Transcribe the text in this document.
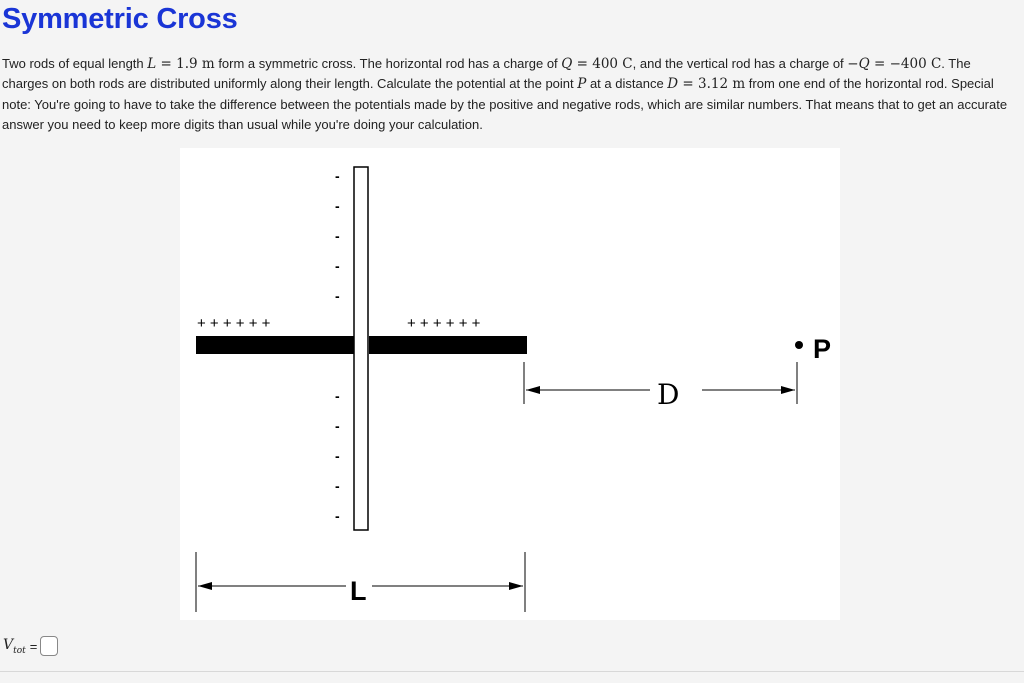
Symmetric Cross
Two rods of equal length L = 1.9 m form a symmetric cross. The horizontal rod has a charge of Q = 400 C, and the vertical rod has a charge of −Q = −400 C. The charges on both rods are distributed uniformly along their length. Calculate the potential at the point P at a distance D = 3.12 m from one end of the horizontal rod. Special note: You're going to have to take the difference between the potentials made by the positive and negative rods, which are similar numbers. That means that to get an accurate answer you need to keep more digits than usual while you're doing your calculation.
+ + + + + +	+ + + + + +
-
-
-
-
-
-
-
-
-
-
D
P
L
$V_{tot}$ =
